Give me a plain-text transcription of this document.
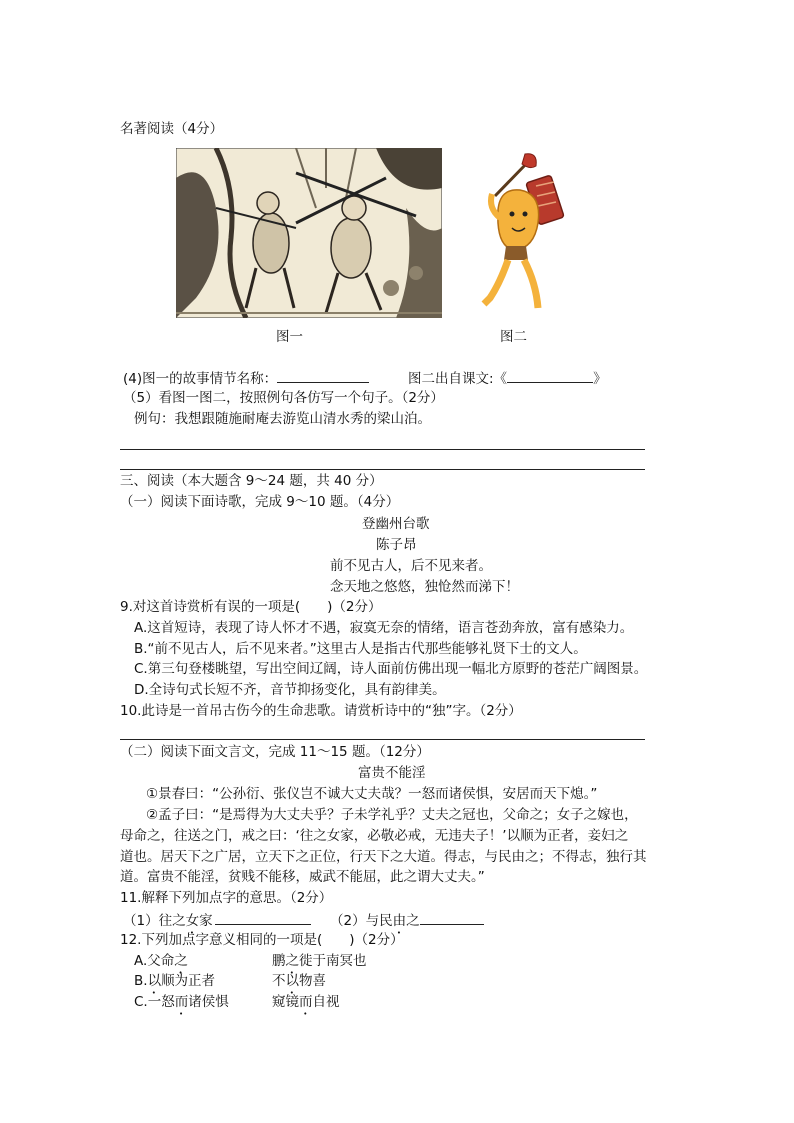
名著阅读（4分）
图一	图二
(4)图一的故事情节名称：	图二出自课文:《	》
（5）看图一图二，按照例句各仿写一个句子。（2分）
例句：我想跟随施耐庵去游览山清水秀的梁山泊。
三、阅读（本大题含 9～24 题，共 40 分）
（一）阅读下面诗歌，完成 9～10 题。（4分）
登幽州台歌
陈子昂
前不见古人，后不见来者。
念天地之悠悠，独怆然而涕下！
9.对这首诗赏析有误的一项是(　　)（2分）
A.这首短诗，表现了诗人怀才不遇，寂寞无奈的情绪，语言苍劲奔放，富有感染力。
B.“前不见古人，后不见来者。”这里古人是指古代那些能够礼贤下士的文人。
C.第三句登楼眺望，写出空间辽阔，诗人面前仿佛出现一幅北方原野的苍茫广阔图景。
D.全诗句式长短不齐，音节抑扬变化，具有韵律美。
10.此诗是一首吊古伤今的生命悲歌。请赏析诗中的“独”字。（2分）
（二）阅读下面文言文，完成 11～15 题。（12分）
富贵不能淫
①景春曰：“公孙衍、张仪岂不诚大丈夫哉？一怒而诸侯惧，安居而天下熄。”
②孟子曰：“是焉得为大丈夫乎？子未学礼乎？丈夫之冠也，父命之；女子之嫁也，
母命之，往送之门，戒之曰：‘往之女家，必敬必戒，无违夫子！’以顺为正者，妾妇之
道也。居天下之广居，立天下之正位，行天下之大道。得志，与民由之；不得志，独行其
道。富贵不能淫，贫贱不能移，威武不能屈，此之谓大丈夫。”
11.解释下列加点字的意思。（2分）
（1）往之女家	（2）与民由之
12.下列加点字意义相同的一项是(　　)（2分）
A.父命之	鹏之徙于南冥也
B.以顺为正者	不以物喜
C.一怒而诸侯惧	窥镜而自视
